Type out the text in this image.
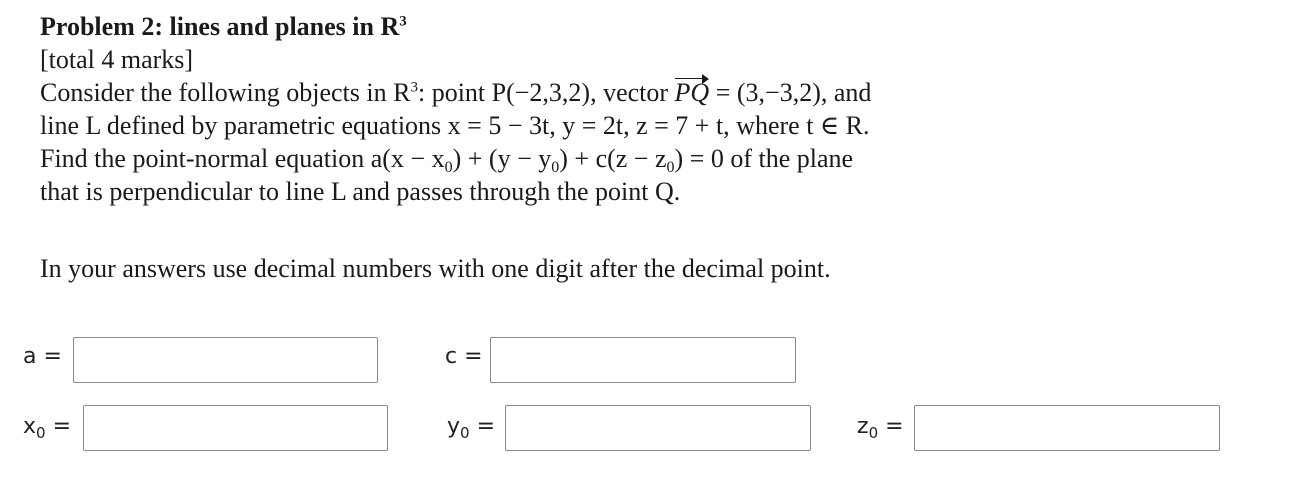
Problem 2: lines and planes in $R^3$

[total 4 marks]

Consider the following objects in $R^3$: point P(−2,3,2), vector PQ = (3,−3,2), and

line L defined by parametric equations x = 5 − 3t, y = 2t, z = 7 + t, where t ∈ R.

Find the point-normal equation $a(x - x_0) + (y - y_0) + c(z - z_0) = 0$ of the plane

that is perpendicular to line L and passes through the point Q.

In your answers use decimal numbers with one digit after the decimal point.
a =	c =
$x_0$ =	$y_0$ =	$z_0$ =
